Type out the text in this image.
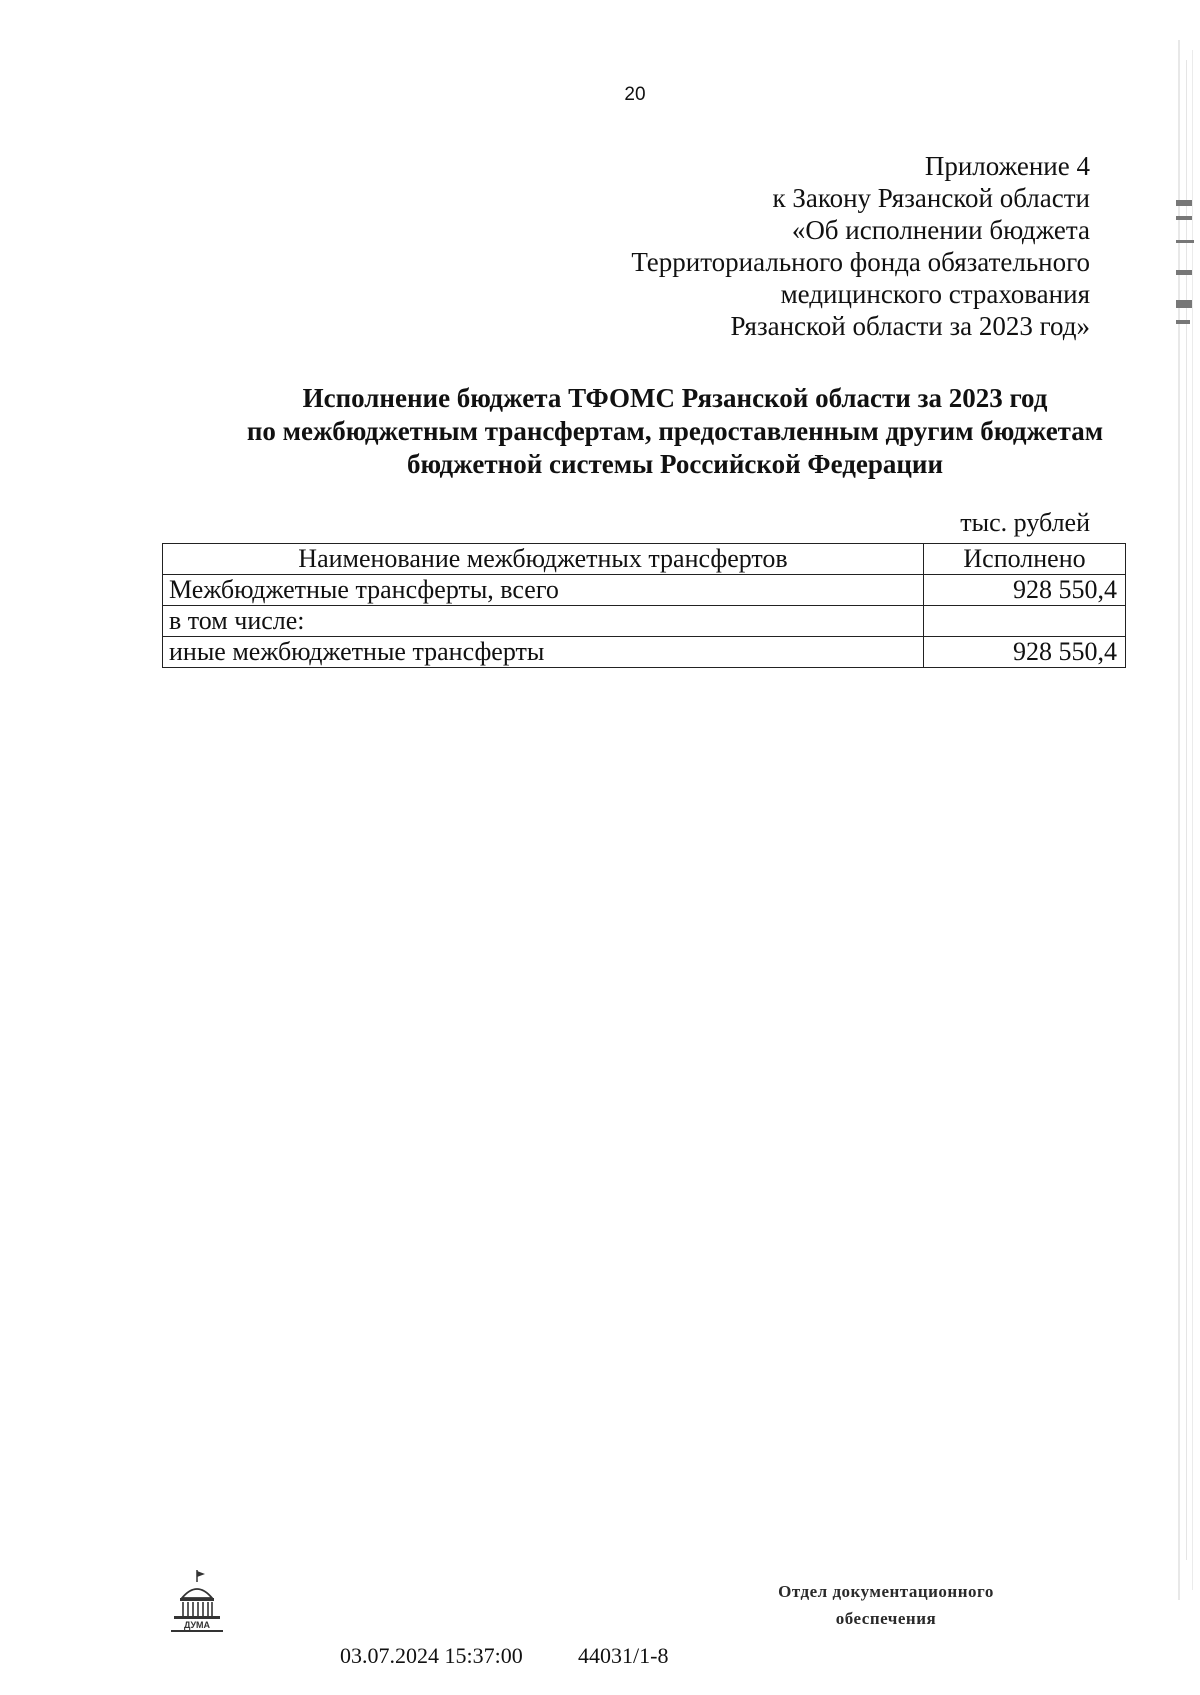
20
Приложение 4
к Закону Рязанской области
«Об исполнении бюджета
Территориального фонда обязательного
медицинского страхования
Рязанской области за 2023 год»
Исполнение бюджета ТФОМС Рязанской области за 2023 год
по межбюджетным трансфертам, предоставленным другим бюджетам
бюджетной системы Российской Федерации
тыс. рублей
Наименование межбюджетных трансфертов	Исполнено
Межбюджетные трансферты, всего	928 550,4
в том числе:	
иные межбюджетные трансферты	928 550,4
ДУМА
03.07.2024 15:37:00	44031/1-8
Отдел документационного
обеспечения
